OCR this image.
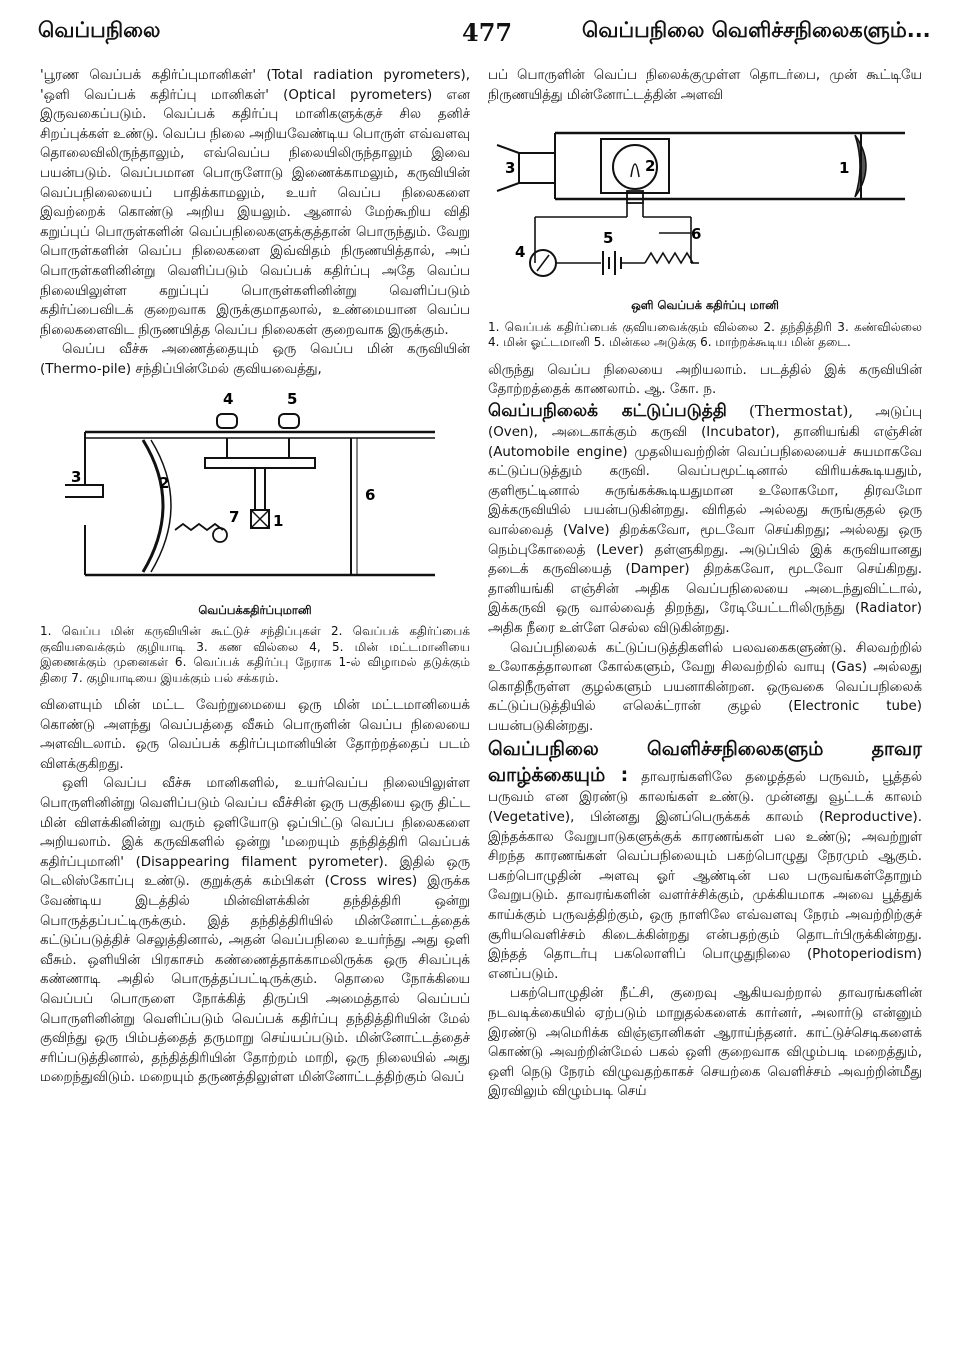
வெப்பநிலை	477	வெப்பநிலை வெளிச்சநிலைகளும்...

'பூரண வெப்பக் கதிர்ப்புமானிகள்' (Total radiation pyrometers), 'ஒளி வெப்பக் கதிர்ப்பு மானிகள்' (Optical pyrometers) என இருவகைப்படும். வெப்பக் கதிர்ப்பு மானிகளுக்குச் சில தனிச் சிறப்புக்கள் உண்டு. வெப்ப நிலை அறியவேண்டிய பொருள் எவ்வளவு தொலைவிலிருந்தாலும், எவ்வெப்ப நிலையிலிருந்தாலும் இவை பயன்படும். வெப்பமான பொருளோடு இணைக்காமலும், கருவியின் வெப்பநிலையைப் பாதிக்காமலும், உயர் வெப்ப நிலைகளை இவற்றைக் கொண்டு அறிய இயலும். ஆனால் மேற்கூறிய விதி கறுப்புப் பொருள்களின் வெப்பநிலைகளுக்குத்தான் பொருந்தும். வேறு பொருள்களின் வெப்ப நிலைகளை இவ்விதம் நிருணயித்தால், அப் பொருள்களினின்று வெளிப்படும் வெப்பக் கதிர்ப்பு அதே வெப்ப நிலையிலுள்ள கறுப்புப் பொருள்களினின்று வெளிப்படும் கதிர்ப்பைவிடக் குறைவாக இருக்குமாதலால், உண்மையான வெப்ப நிலைகளைவிட நிருணயித்த வெப்ப நிலைகள் குறைவாக இருக்கும்.

வெப்ப வீச்சு அணைத்தையும் ஒரு வெப்ப மின் கருவியின் (Thermo-pile) சந்திப்பின்மேல் குவியவைத்து,

4	5
3	2
1
7
6
வெப்பக்கதிர்ப்புமானி
1. வெப்ப மின் கருவியின் கூட்டுச் சந்திப்புகள் 2. வெப்பக் கதிர்ப்பைக் குவியவைக்கும் குழியாடி 3. கண வில்லை 4, 5. மின் மட்டமானியை இணைக்கும் முனைகள் 6. வெப்பக் கதிர்ப்பு நேராக 1-ல் விழாமல் தடுக்கும் திரை 7. குழியாடியை இயக்கும் பல் சக்கரம்.

விளையும் மின் மட்ட வேற்றுமையை ஒரு மின் மட்டமானியைக் கொண்டு அளந்து வெப்பத்தை வீசும் பொருளின் வெப்ப நிலையை அளவிடலாம். ஒரு வெப்பக் கதிர்ப்புமானியின் தோற்றத்தைப் படம் விளக்குகிறது.

ஒளி வெப்ப வீச்சு மானிகளில், உயர்வெப்ப நிலையிலுள்ள பொருளினின்று வெளிப்படும் வெப்ப வீச்சின் ஒரு பகுதியை ஒரு திட்ட மின் விளக்கினின்று வரும் ஒளியோடு ஒப்பிட்டு வெப்ப நிலைகளை அறியலாம். இக் கருவிகளில் ஒன்று 'மறையும் தந்தித்திரி வெப்பக் கதிர்ப்புமானி' (Disappearing filament pyrometer). இதில் ஒரு டெலிஸ்கோப்பு உண்டு. குறுக்குக் கம்பிகள் (Cross wires) இருக்க வேண்டிய இடத்தில் மின்விளக்கின் தந்தித்திரி ஒன்று பொருத்தப்பட்டிருக்கும். இத் தந்தித்திரியில் மின்னோட்டத்தைக் கட்டுப்படுத்திச் செலுத்தினால், அதன் வெப்பநிலை உயர்ந்து அது ஒளி வீசும். ஒளியின் பிரகாசம் கண்ணைத்தாக்காமலிருக்க ஒரு சிவப்புக் கண்ணாடி அதில் பொருத்தப்பட்டிருக்கும். தொலை நோக்கியை வெப்பப் பொருளை நோக்கித் திருப்பி அமைத்தால் வெப்பப் பொருளினின்று வெளிப்படும் வெப்பக் கதிர்ப்பு தந்தித்திரியின் மேல் குவிந்து ஒரு பிம்பத்தைத் தருமாறு செய்யப்படும். மின்னோட்டத்தைச் சரிப்படுத்தினால், தந்தித்திரியின் தோற்றம் மாறி, ஒரு நிலையில் அது மறைந்துவிடும். மறையும் தருணத்திலுள்ள மின்னோட்டத்திற்கும் வெப்

பப் பொருளின் வெப்ப நிலைக்குமுள்ள தொடர்பை, முன் கூட்டியே நிருணயித்து மின்னோட்டத்தின் அளவி

3	2	1
4
5	6
ஒளி வெப்பக் கதிர்ப்பு மானி
1. வெப்பக் கதிர்ப்பைக் குவியவைக்கும் வில்லை 2. தந்தித்திரி 3. கண்வில்லை 4. மின் ஓட்டமானி 5. மின்கல அடுக்கு 6. மாற்றக்கூடிய மின் தடை.

லிருந்து வெப்ப நிலையை அறியலாம். படத்தில் இக் கருவியின் தோற்றத்தைக் காணலாம். ஆ. கோ. ந.

வெப்பநிலைக் கட்டுப்படுத்தி (Thermostat), அடுப்பு (Oven), அடைகாக்கும் கருவி (Incubator), தானியங்கி எஞ்சின் (Automobile engine) முதலியவற்றின் வெப்பநிலையைச் சுயமாகவே கட்டுப்படுத்தும் கருவி. வெப்பமூட்டினால் விரியக்கூடியதும், குளிரூட்டினால் சுருங்கக்கூடியதுமான உலோகமோ, திரவமோ இக்கருவியில் பயன்படுகின்றது. விரிதல் அல்லது சுருங்குதல் ஒரு வால்வைத் (Valve) திறக்கவோ, மூடவோ செய்கிறது; அல்லது ஒரு நெம்புகோலைத் (Lever) தள்ளுகிறது. அடுப்பில் இக் கருவியானது தடைக் கருவியைத் (Damper) திறக்கவோ, மூடவோ செய்கிறது. தானியங்கி எஞ்சின் அதிக வெப்பநிலையை அடைந்துவிட்டால், இக்கருவி ஒரு வால்வைத் திறந்து, ரேடியேட்டரிலிருந்து (Radiator) அதிக நீரை உள்ளே செல்ல விடுகின்றது.

வெப்பநிலைக் கட்டுப்படுத்திகளில் பலவகைகளுண்டு. சிலவற்றில் உலோகத்தாலான கோல்களும், வேறு சிலவற்றில் வாயு (Gas) அல்லது கொதிநீருள்ள குழல்களும் பயனாகின்றன. ஒருவகை வெப்பநிலைக் கட்டுப்படுத்தியில் எலெக்ட்ரான் குழல் (Electronic tube) பயன்படுகின்றது.

வெப்பநிலை வெளிச்சநிலைகளும் தாவர வாழ்க்கையும் : தாவரங்களிலே தழைத்தல் பருவம், பூத்தல் பருவம் என இரண்டு காலங்கள் உண்டு. முன்னது வூட்டக் காலம் (Vegetative), பின்னது இனப்பெருக்கக் காலம் (Reproductive). இந்தக்கால வேறுபாடுகளுக்குக் காரணங்கள் பல உண்டு; அவற்றுள் சிறந்த காரணங்கள் வெப்பநிலையும் பகற்பொழுது நேரமும் ஆகும். பகற்பொழுதின் அளவு ஓர் ஆண்டின் பல பருவங்கள்தோறும் வேறுபடும். தாவரங்களின் வளர்ச்சிக்கும், முக்கியமாக அவை பூத்துக் காய்க்கும் பருவத்திற்கும், ஒரு நாளிலே எவ்வளவு நேரம் அவற்றிற்குச் சூரியவெளிச்சம் கிடைக்கின்றது என்பதற்கும் தொடர்பிருக்கின்றது. இந்தத் தொடர்பு பகலொளிப் பொழுதுநிலை (Photoperiodism) எனப்படும்.

பகற்பொழுதின் நீட்சி, குறைவு ஆகியவற்றால் தாவரங்களின் நடவடிக்கையில் ஏற்படும் மாறுதல்களைக் கார்னர், அலார்டு என்னும் இரண்டு அமெரிக்க விஞ்ஞானிகள் ஆராய்ந்தனர். காட்டுச்செடிகளைக் கொண்டு அவற்றின்மேல் பகல் ஒளி குறைவாக விழும்படி மறைத்தும், ஒளி நெடு நேரம் விழுவதற்காகச் செயற்கை வெளிச்சம் அவற்றின்மீது இரவிலும் விழும்படி செய்
